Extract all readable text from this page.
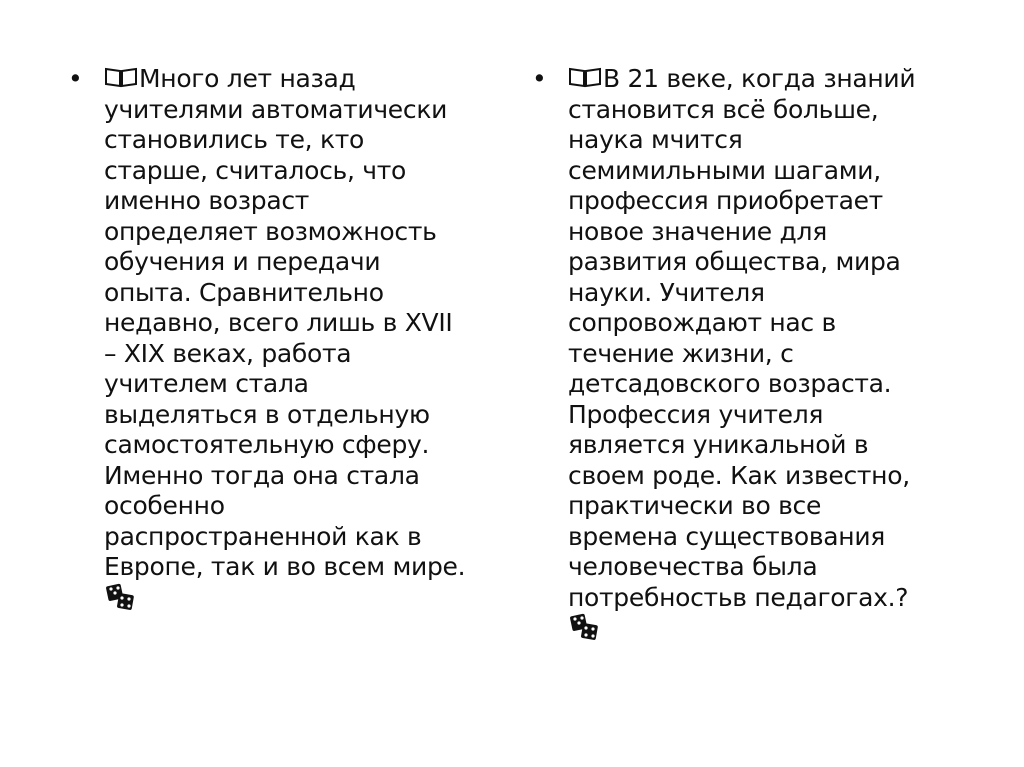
• Много лет назад учителями автоматически становились те, кто старше, считалось, что именно возраст определяет возможность обучения и передачи опыта. Сравнительно недавно, всего лишь в XVII – XIX веках, работа учителем стала выделяться в отдельную самостоятельную сферу. Именно тогда она стала особенно распространенной как в Европе, так и во всем мире.
• В 21 веке, когда знаний становится всё больше, наука мчится семимильными шагами, профессия приобретает новое значение для развития общества, мира науки. Учителя сопровождают нас в течение жизни, с детсадовского возраста. Профессия учителя является уникальной в своем роде. Как известно, практически во все времена существования человечества была потребностьв педагогах.?
